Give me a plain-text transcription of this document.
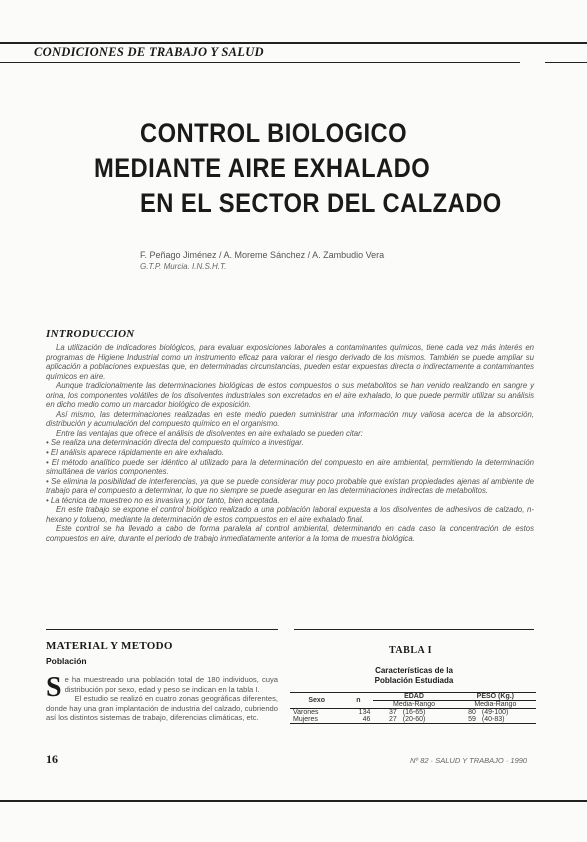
CONDICIONES DE TRABAJO Y SALUD
CONTROL BIOLOGICO
MEDIANTE AIRE EXHALADO
EN EL SECTOR DEL CALZADO
F. Peñago Jiménez / A. Moreme Sánchez / A. Zambudio Vera
G.T.P. Murcia. I.N.S.H.T.
INTRODUCCION

La utilización de indicadores biológicos, para evaluar exposiciones laborales a contaminantes químicos, tiene cada vez más interés en programas de Higiene Industrial como un instrumento eficaz para valorar el riesgo derivado de los mismos. También se puede ampliar su aplicación a poblaciones expuestas que, en determinadas circunstancias, pueden estar expuestas directa o indirectamente a contaminantes químicos en aire.

Aunque tradicionalmente las determinaciones biológicas de estos compuestos o sus metabolitos se han venido realizando en sangre y orina, los componentes volátiles de los disolventes industriales son excretados en el aire exhalado, lo que puede permitir utilizar su análisis en dicho medio como un marcador biológico de exposición.

Así mismo, las determinaciones realizadas en este medio pueden suministrar una información muy valiosa acerca de la absorción, distribución y acumulación del compuesto químico en el organismo.

Entre las ventajas que ofrece el análisis de disolventes en aire exhalado se pueden citar:

• Se realiza una determinación directa del compuesto químico a investigar.

• El análisis aparece rápidamente en aire exhalado.

• El método analítico puede ser idéntico al utilizado para la determinación del compuesto en aire ambiental, permitiendo la determinación simultánea de varios componentes.

• Se elimina la posibilidad de interferencias, ya que se puede considerar muy poco probable que existan propiedades ajenas al ambiente de trabajo para el compuesto a determinar, lo que no siempre se puede asegurar en las determinaciones indirectas de metabolitos.

• La técnica de muestreo no es invasiva y, por tanto, bien aceptada.

En este trabajo se expone el control biológico realizado a una población laboral expuesta a los disolventes de adhesivos de calzado, n-hexano y tolueno, mediante la determinación de estos compuestos en el aire exhalado final.

Este control se ha llevado a cabo de forma paralela al control ambiental, determinando en cada caso la concentración de estos compuestos en aire, durante el periodo de trabajo inmediatamente anterior a la toma de muestra biológica.

MATERIAL Y METODO
Población

Se ha muestreado una población total de 180 individuos, cuya distribución por sexo, edad y peso se indican en la tabla I.

El estudio se realizó en cuatro zonas geográficas diferentes, donde hay una gran implantación de industria del calzado, cubriendo así los distintos sistemas de trabajo, diferencias climáticas, etc.

TABLA I
Características de la
Población Estudiada
Sexo	n	EDAD		PESO (Kg.)	
		Media-Rango		Media-Rango	
Varones	134	37	(16-65)	80	(49-100)
Mujeres	46	27	(20-60)	59	(40-83)
16	Nº 82 · SALUD Y TRABAJO · 1990
